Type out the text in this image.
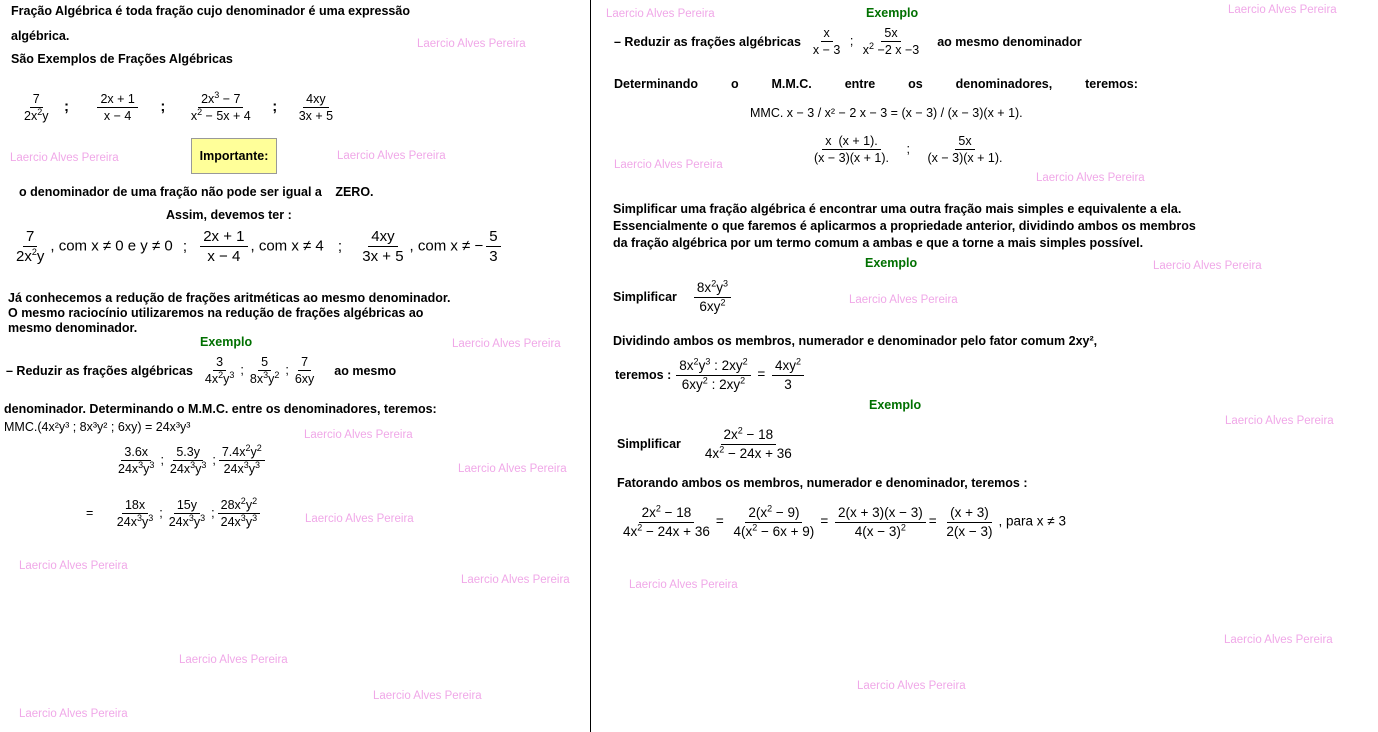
Laercio Alves Pereira
Laercio Alves Pereira	Laercio Alves Pereira
Laercio Alves Pereira
Laercio Alves Pereira
Laercio Alves Pereira
Laercio Alves Pereira
Laercio Alves Pereira
Laercio Alves Pereira
Laercio Alves Pereira
Laercio Alves Pereira
Laercio Alves Pereira
Laercio Alves Pereira	Laercio Alves Pereira
Laercio Alves Pereira
Laercio Alves Pereira
Laercio Alves Pereira
Laercio Alves Pereira
Laercio Alves Pereira
Laercio Alves Pereira
Laercio Alves Pereira
Laercio Alves Pereira
Fração Algébrica é toda fração cujo denominador é uma expressão
algébrica.
São Exemplos de Frações Algébricas
$\frac{7}{2x^2y}$ ; $\frac{2x + 1}{x - 4}$ ; $\frac{2x^3 - 7}{x^2 - 5x + 4}$ ; $\frac{4xy}{3x + 5}$
Importante:
o denominador de uma fração não pode ser igual a ZERO.
Assim, devemos ter :
$\frac{7}{2x^2y}$ , com x ≠ 0 e y ≠ 0 ; $\frac{2x + 1}{x - 4}$ , com x ≠ 4 ; $\frac{4xy}{3x + 5}$ , com x ≠ − $\frac{5}{3}$
Já conhecemos a redução de frações aritméticas ao mesmo denominador.
O mesmo raciocínio utilizaremos na redução de frações algébricas ao
mesmo denominador.
Exemplo
– Reduzir as frações algébricas $\frac{3}{4x^2y^3}$ ; $\frac{5}{8x^3y^2}$ ; $\frac{7}{6xy}$ ao mesmo
denominador. Determinando o M.M.C. entre os denominadores, teremos:
MMC.(4x²y³ ; 8x³y² ; 6xy) = 24x³y³
$\frac{3.6x}{24x^3y^3}$ ; $\frac{5.3y}{24x^3y^3}$ ; $\frac{7.4x^2y^2}{24x^3y^3}$
= $\frac{18x}{24x^3y^3}$ ; $\frac{15y}{24x^3y^3}$ ; $\frac{28x^2y^2}{24x^3y^3}$
Exemplo
– Reduzir as frações algébricas $\frac{x}{x - 3}$ ; $\frac{5x}{x^2 -2 x -3}$ ao mesmo denominador
Determinando	o	M.M.C.	entre	os	denominadores,	teremos:
MMC. x − 3 / x² − 2 x − 3 = (x − 3) / (x − 3)(x + 1).
$\frac{x (x + 1).}{(x - 3)(x + 1).}$ ; $\frac{5x}{(x - 3)(x + 1).}$
Simplificar uma fração algébrica é encontrar uma outra fração mais simples e equivalente a ela.
Essencialmente o que faremos é aplicarmos a propriedade anterior, dividindo ambos os membros
da fração algébrica por um termo comum a ambas e que a torne a mais simples possível.
Exemplo
Simplificar $\frac{8x^2y^3}{6xy^2}$
Dividindo ambos os membros, numerador e denominador pelo fator comum 2xy²,
teremos : $\frac{8x^2y^3 : 2xy^2}{6xy^2 : 2xy^2} = \frac{4xy^2}{3}$
Exemplo
Simplificar $\frac{2x^2 - 18}{4x^2 - 24x + 36}$
Fatorando ambos os membros, numerador e denominador, teremos :
$\frac{2x^2 - 18}{4x^2 - 24x + 36} = \frac{2(x^2 - 9)}{4(x^2 - 6x + 9)} = \frac{2(x + 3)(x - 3)}{4(x - 3)^2} = \frac{(x + 3)}{2(x - 3)}$ , para x ≠ 3
